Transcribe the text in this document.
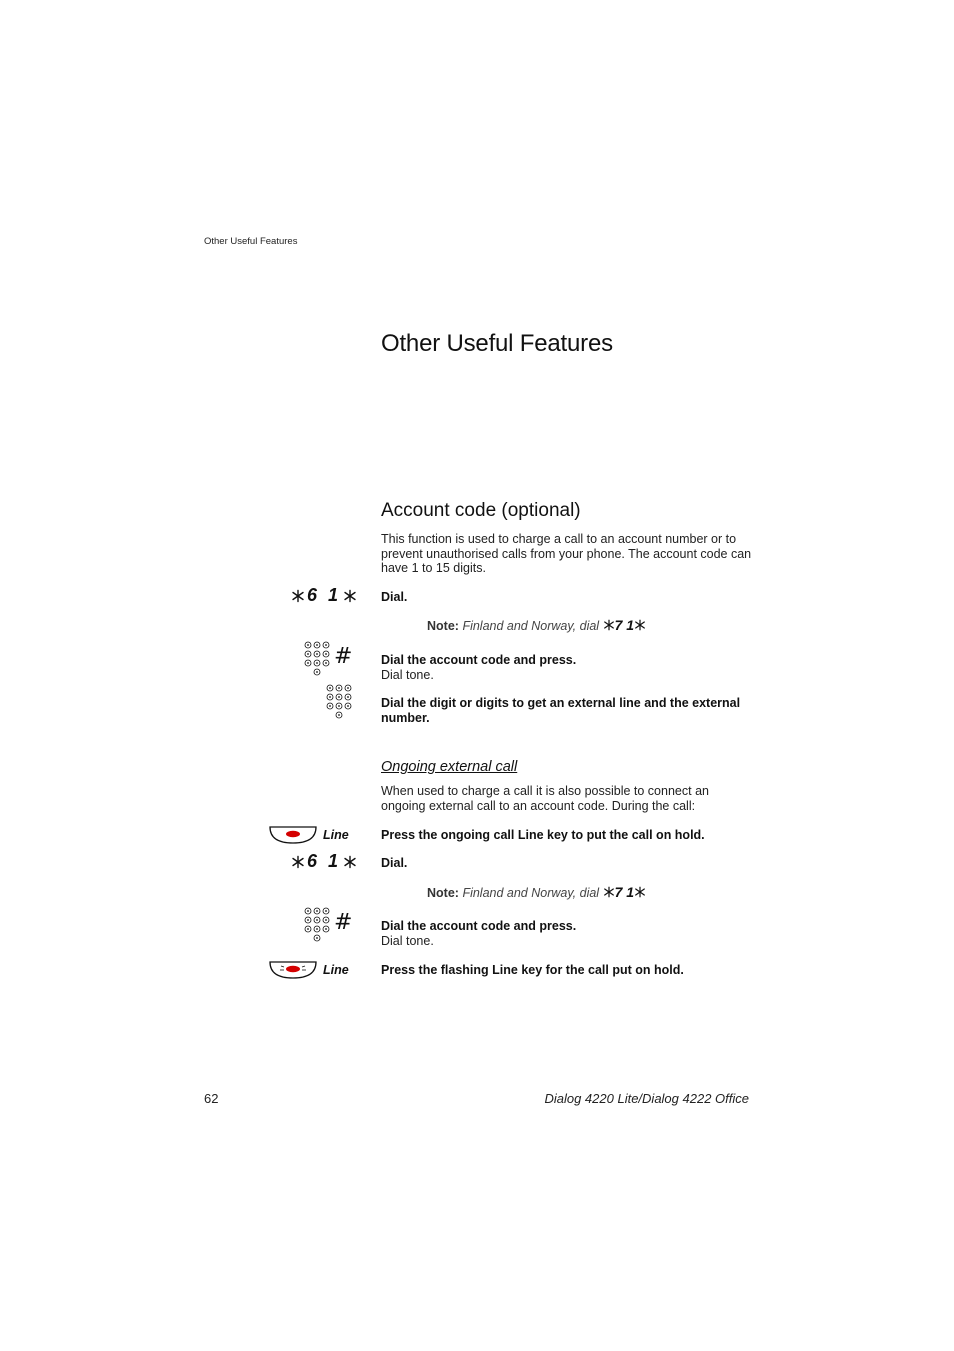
Other Useful Features
Other Useful Features
Account code (optional)
This function is used to charge a call to an account number or to prevent unauthorised calls from your phone. The account code can have 1 to 15 digits.
6 1	Dial.
Note: Finland and Norway, dial 7 1
# Dial the account code and press.
Dial tone.
Dial the digit or digits to get an external line and the external number.
Ongoing external call
When used to charge a call it is also possible to connect an ongoing external call to an account code. During the call:
Line	Press the ongoing call Line key to put the call on hold.
6 1	Dial.
Note: Finland and Norway, dial 7 1
# Dial the account code and press.
Dial tone.
Line	Press the flashing Line key for the call put on hold.
62	Dialog 4220 Lite/Dialog 4222 Office
